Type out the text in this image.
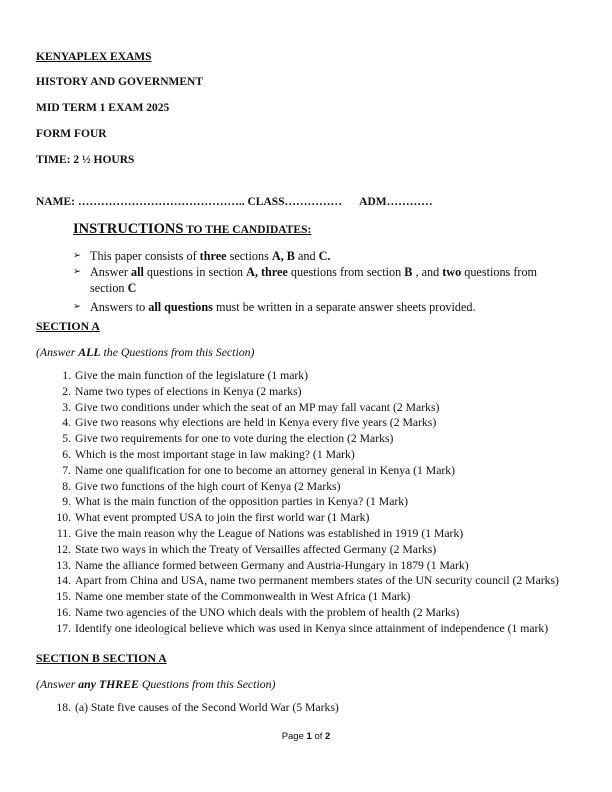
KENYAPLEX EXAMS
HISTORY AND GOVERNMENT
MID TERM 1 EXAM 2025
FORM FOUR
TIME: 2 ½ HOURS
NAME: …………………………………….. CLASS…………… ADM…………
INSTRUCTIONS TO THE CANDIDATES:
➢ This paper consists of three sections A, B and C.
➢ Answer all questions in section A, three questions from section B , and two questions from section C
➢ Answers to all questions must be written in a separate answer sheets provided.
SECTION A
(Answer ALL the Questions from this Section)
1. Give the main function of the legislature (1 mark)
2. Name two types of elections in Kenya (2 marks)
3. Give two conditions under which the seat of an MP may fall vacant (2 Marks)
4. Give two reasons why elections are held in Kenya every five years (2 Marks)
5. Give two requirements for one to vote during the election (2 Marks)
6. Which is the most important stage in law making? (1 Mark)
7. Name one qualification for one to become an attorney general in Kenya (1 Mark)
8. Give two functions of the high court of Kenya (2 Marks)
9. What is the main function of the opposition parties in Kenya? (1 Mark)
10. What event prompted USA to join the first world war (1 Mark)
11. Give the main reason why the League of Nations was established in 1919 (1 Mark)
12. State two ways in which the Treaty of Versailles affected Germany (2 Marks)
13. Name the alliance formed between Germany and Austria-Hungary in 1879 (1 Mark)
14. Apart from China and USA, name two permanent members states of the UN security council (2 Marks)
15. Name one member state of the Commonwealth in West Africa (1 Mark)
16. Name two agencies of the UNO which deals with the problem of health (2 Marks)
17. Identify one ideological believe which was used in Kenya since attainment of independence (1 mark)
SECTION B SECTION A
(Answer any THREE Questions from this Section)
18. (a) State five causes of the Second World War (5 Marks)
Page 1 of 2
